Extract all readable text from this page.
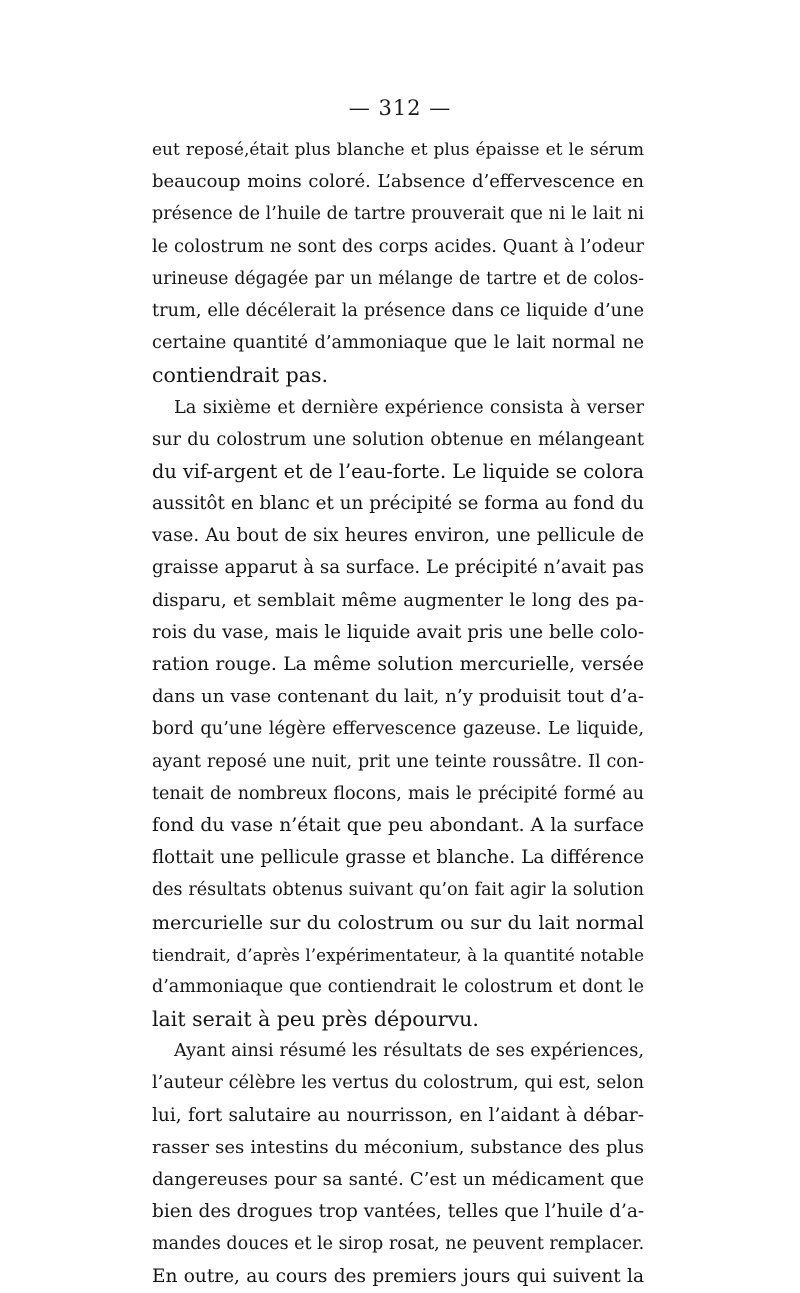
— 312 —
eut reposé,était plus blanche et plus épaisse et le sérum
beaucoup moins coloré. L’absence d’effervescence en
présence de l’huile de tartre prouverait que ni le lait ni
le colostrum ne sont des corps acides. Quant à l’odeur
urineuse dégagée par un mélange de tartre et de colos-
trum, elle décélerait la présence dans ce liquide d’une
certaine quantité d’ammoniaque que le lait normal ne
contiendrait pas.
La sixième et dernière expérience consista à verser
sur du colostrum une solution obtenue en mélangeant
du vif-argent et de l’eau-forte. Le liquide se colora
aussitôt en blanc et un précipité se forma au fond du
vase. Au bout de six heures environ, une pellicule de
graisse apparut à sa surface. Le précipité n’avait pas
disparu, et semblait même augmenter le long des pa-
rois du vase, mais le liquide avait pris une belle colo-
ration rouge. La même solution mercurielle, versée
dans un vase contenant du lait, n’y produisit tout d’a-
bord qu’une légère effervescence gazeuse. Le liquide,
ayant reposé une nuit, prit une teinte roussâtre. Il con-
tenait de nombreux flocons, mais le précipité formé au
fond du vase n’était que peu abondant. A la surface
flottait une pellicule grasse et blanche. La différence
des résultats obtenus suivant qu’on fait agir la solution
mercurielle sur du colostrum ou sur du lait normal
tiendrait, d’après l’expérimentateur, à la quantité notable
d’ammoniaque que contiendrait le colostrum et dont le
lait serait à peu près dépourvu.
Ayant ainsi résumé les résultats de ses expériences,
l’auteur célèbre les vertus du colostrum, qui est, selon
lui, fort salutaire au nourrisson, en l’aidant à débar-
rasser ses intestins du méconium, substance des plus
dangereuses pour sa santé. C’est un médicament que
bien des drogues trop vantées, telles que l’huile d’a-
mandes douces et le sirop rosat, ne peuvent remplacer.
En outre, au cours des premiers jours qui suivent la
